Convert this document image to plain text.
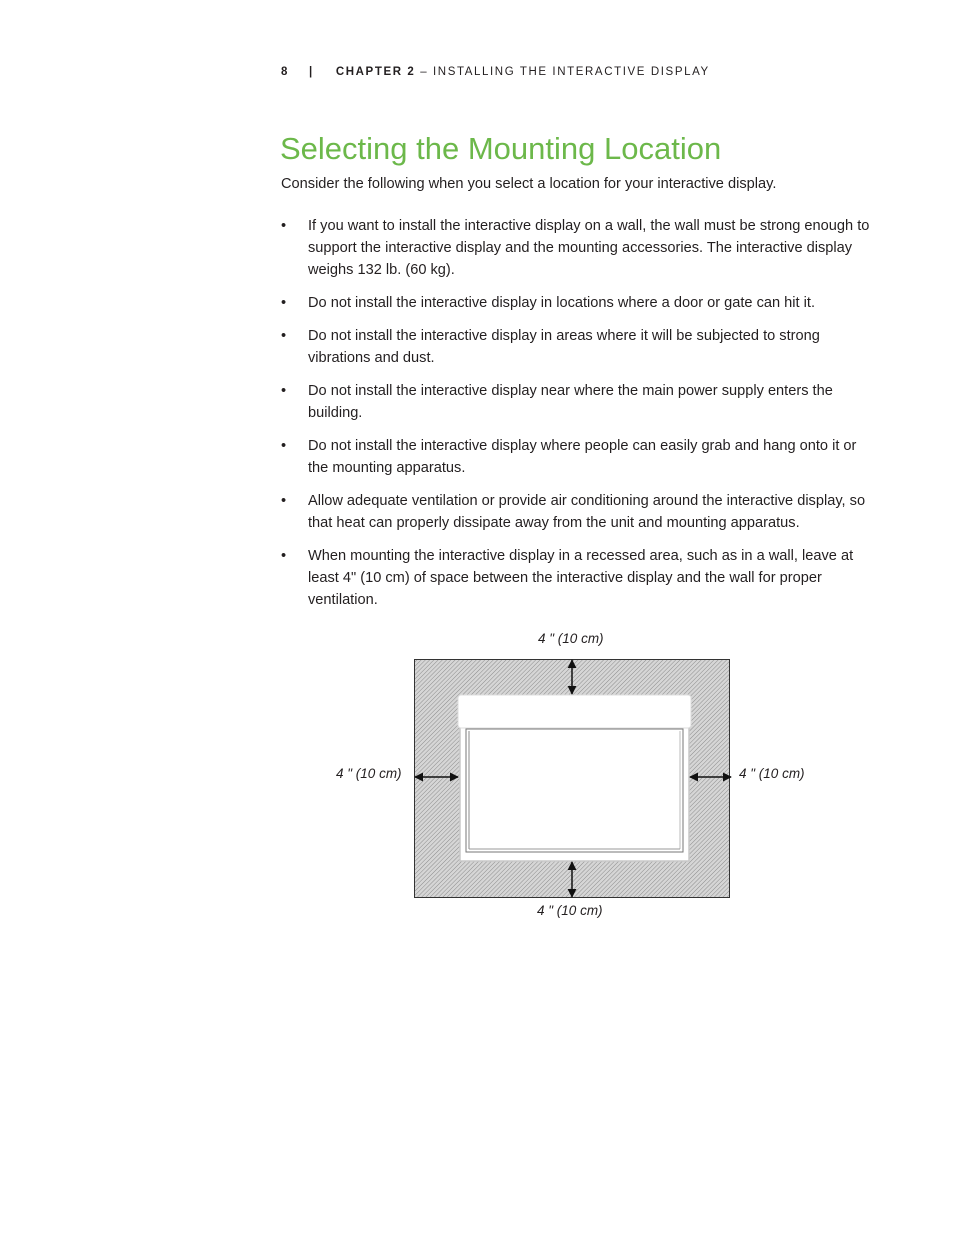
8 | CHAPTER 2 – INSTALLING THE INTERACTIVE DISPLAY
Selecting the Mounting Location

Consider the following when you select a location for your interactive display.

• If you want to install the interactive display on a wall, the wall must be strong enough to support the interactive display and the mounting accessories. The interactive display weighs 132 lb. (60 kg).
• Do not install the interactive display in locations where a door or gate can hit it.
• Do not install the interactive display in areas where it will be subjected to strong vibrations and dust.
• Do not install the interactive display near where the main power supply enters the building.
• Do not install the interactive display where people can easily grab and hang onto it or the mounting apparatus.
• Allow adequate ventilation or provide air conditioning around the interactive display, so that heat can properly dissipate away from the unit and mounting apparatus.
• When mounting the interactive display in a recessed area, such as in a wall, leave at least 4" (10 cm) of space between the interactive display and the wall for proper ventilation.
4 " (10 cm)
4 " (10 cm)	4 " (10 cm)
4 " (10 cm)
